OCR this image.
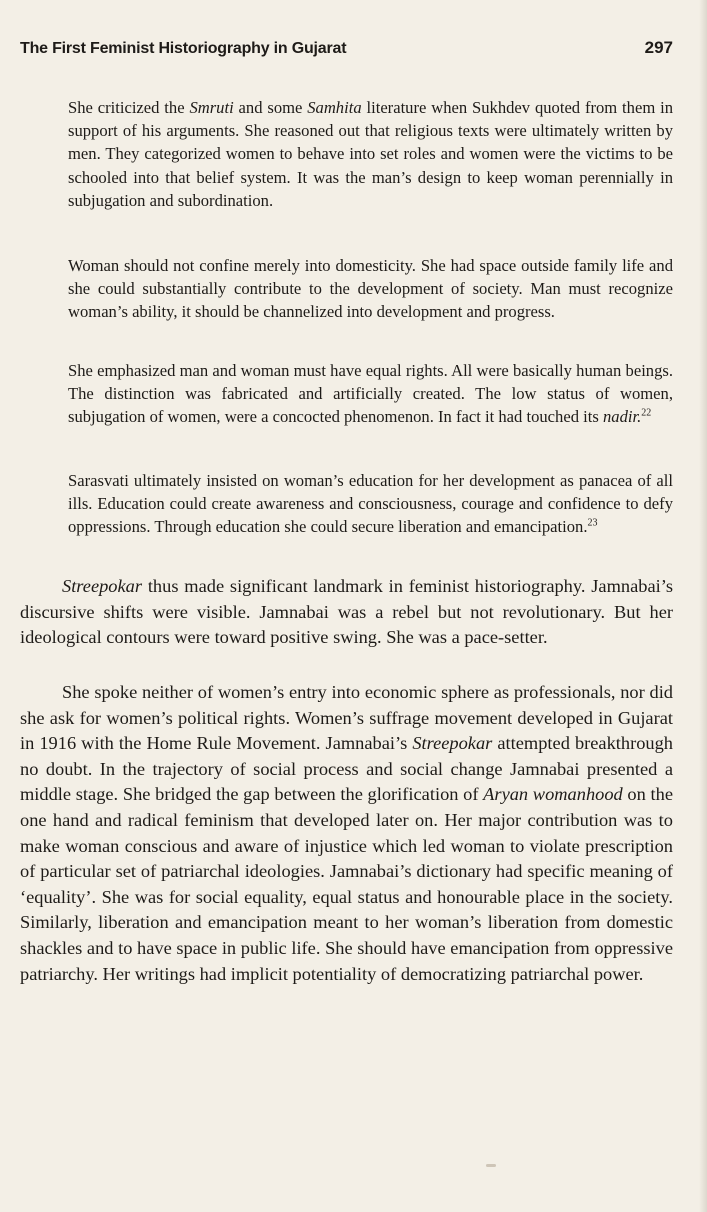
The First Feminist Historiography in Gujarat	297

She criticized the Smruti and some Samhita literature when Sukhdev quoted from them in support of his arguments. She reasoned out that religious texts were ultimately written by men. They categorized women to behave into set roles and women were the victims to be schooled into that belief system. It was the man’s design to keep woman perennially in subjugation and subordination.

Woman should not confine merely into domesticity. She had space outside family life and she could substantially contribute to the development of society. Man must recognize woman’s ability, it should be channelized into development and progress.

She emphasized man and woman must have equal rights. All were basically human beings. The distinction was fabricated and artificially created. The low status of women, subjugation of women, were a concocted phenomenon. In fact it had touched its nadir.$^{22}$

Sarasvati ultimately insisted on woman’s education for her development as panacea of all ills. Education could create awareness and consciousness, courage and confidence to defy oppressions. Through education she could secure liberation and emancipation.$^{23}$

Streepokar thus made significant landmark in feminist historiography. Jamnabai’s discursive shifts were visible. Jamnabai was a rebel but not revolutionary. But her ideological contours were toward positive swing. She was a pace-setter.

She spoke neither of women’s entry into economic sphere as professionals, nor did she ask for women’s political rights. Women’s suffrage movement developed in Gujarat in 1916 with the Home Rule Movement. Jamnabai’s Streepokar attempted breakthrough no doubt. In the trajectory of social process and social change Jamnabai presented a middle stage. She bridged the gap between the glorification of Aryan womanhood on the one hand and radical feminism that developed later on. Her major contribution was to make woman conscious and aware of injustice which led woman to violate prescription of particular set of patriarchal ideologies. Jamnabai’s dictionary had specific meaning of ‘equality’. She was for social equality, equal status and honourable place in the society. Similarly, liberation and emancipation meant to her woman’s liberation from domestic shackles and to have space in public life. She should have emancipation from oppressive patriarchy. Her writings had implicit potentiality of democratizing patriarchal power.
